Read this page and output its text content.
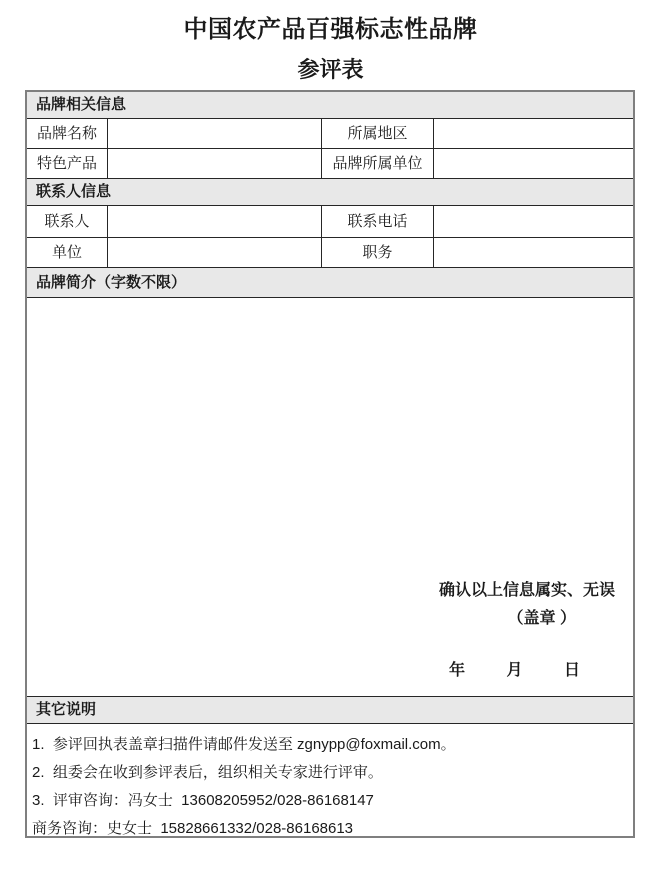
中国农产品百强标志性品牌
参评表
品牌相关信息
品牌名称	所属地区
特色产品	品牌所属单位
联系人信息
联系人	联系电话
单位	职务
品牌简介（字数不限）
确认以上信息属实、无误
（盖章 ）
年	月	日
其它说明
1.  参评回执表盖章扫描件请邮件发送至 zgnypp@foxmail.com。
2.  组委会在收到参评表后，组织相关专家进行评审。
3.  评审咨询：冯女士  13608205952/028-86168147
商务咨询：史女士  15828661332/028-86168613
